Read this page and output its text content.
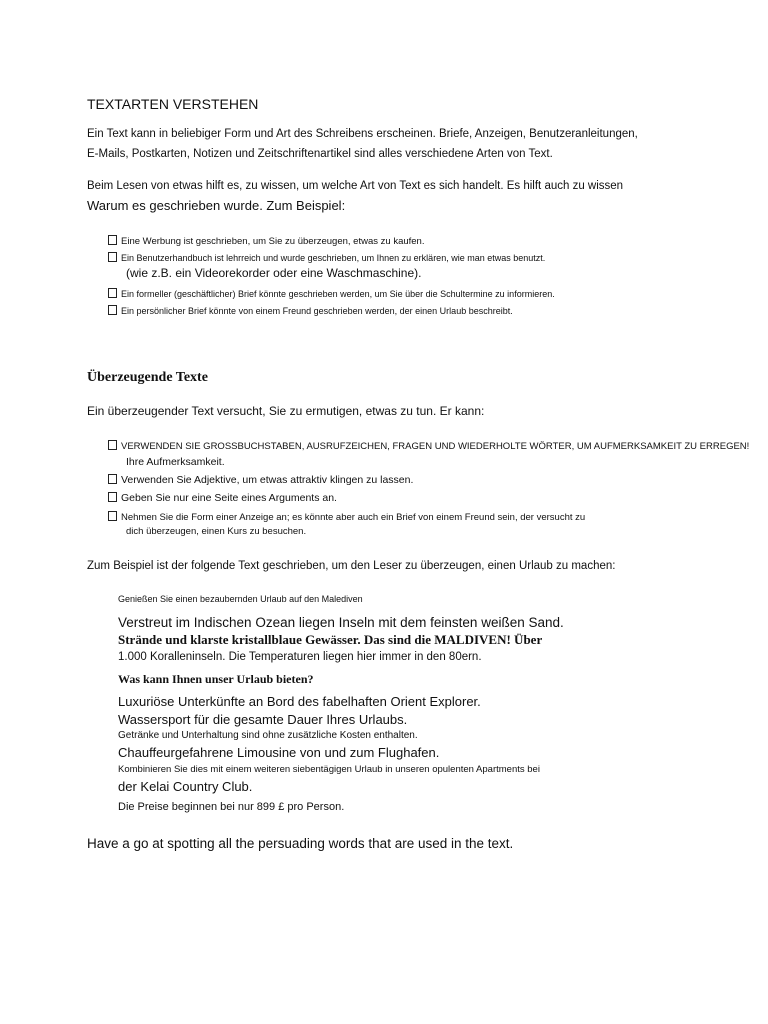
TEXTARTEN VERSTEHEN

Ein Text kann in beliebiger Form und Art des Schreibens erscheinen. Briefe, Anzeigen, Benutzeranleitungen,

E-Mails, Postkarten, Notizen und Zeitschriftenartikel sind alles verschiedene Arten von Text.

Beim Lesen von etwas hilft es, zu wissen, um welche Art von Text es sich handelt. Es hilft auch zu wissen

Warum es geschrieben wurde. Zum Beispiel:

Eine Werbung ist geschrieben, um Sie zu überzeugen, etwas zu kaufen.

Ein Benutzerhandbuch ist lehrreich und wurde geschrieben, um Ihnen zu erklären, wie man etwas benutzt.

(wie z.B. ein Videorekorder oder eine Waschmaschine).

Ein formeller (geschäftlicher) Brief könnte geschrieben werden, um Sie über die Schultermine zu informieren.

Ein persönlicher Brief könnte von einem Freund geschrieben werden, der einen Urlaub beschreibt.

Überzeugende Texte

Ein überzeugender Text versucht, Sie zu ermutigen, etwas zu tun. Er kann:

VERWENDEN SIE GROSSBUCHSTABEN, AUSRUFZEICHEN, FRAGEN UND WIEDERHOLTE WÖRTER, UM AUFMERKSAMKEIT ZU ERREGEN!

Ihre Aufmerksamkeit.

Verwenden Sie Adjektive, um etwas attraktiv klingen zu lassen.

Geben Sie nur eine Seite eines Arguments an.

Nehmen Sie die Form einer Anzeige an; es könnte aber auch ein Brief von einem Freund sein, der versucht zu

dich überzeugen, einen Kurs zu besuchen.

Zum Beispiel ist der folgende Text geschrieben, um den Leser zu überzeugen, einen Urlaub zu machen:

Genießen Sie einen bezaubernden Urlaub auf den Malediven

Verstreut im Indischen Ozean liegen Inseln mit dem feinsten weißen Sand.

Strände und klarste kristallblaue Gewässer. Das sind die MALDIVEN! Über

1.000 Koralleninseln. Die Temperaturen liegen hier immer in den 80ern.

Was kann Ihnen unser Urlaub bieten?

Luxuriöse Unterkünfte an Bord des fabelhaften Orient Explorer.

Wassersport für die gesamte Dauer Ihres Urlaubs.

Getränke und Unterhaltung sind ohne zusätzliche Kosten enthalten.

Chauffeurgefahrene Limousine von und zum Flughafen.

Kombinieren Sie dies mit einem weiteren siebentägigen Urlaub in unseren opulenten Apartments bei

der Kelai Country Club.

Die Preise beginnen bei nur 899 £ pro Person.

Have a go at spotting all the persuading words that are used in the text.
